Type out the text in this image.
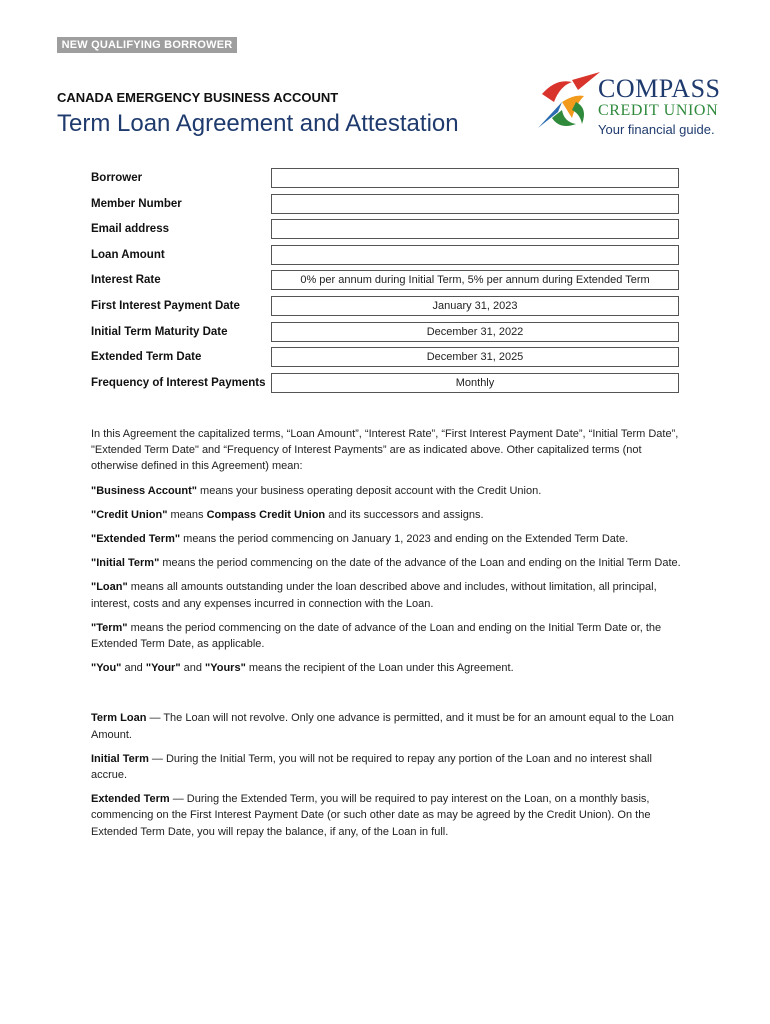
NEW QUALIFYING BORROWER
CANADA EMERGENCY BUSINESS ACCOUNT
Term Loan Agreement and Attestation
COMPASS
CREDIT UNION
Your financial guide.
Borrower
Member Number
Email address
Loan Amount
Interest Rate	0% per annum during Initial Term, 5% per annum during Extended Term
First Interest Payment Date	January 31, 2023
Initial Term Maturity Date	December 31, 2022
Extended Term Date	December 31, 2025
Frequency of Interest Payments	Monthly

In this Agreement the capitalized terms, “Loan Amount”, “Interest Rate”, “First Interest Payment Date”, “Initial Term Date”, "Extended Term Date" and “Frequency of Interest Payments” are as indicated above. Other capitalized terms (not otherwise defined in this Agreement) mean:

"Business Account" means your business operating deposit account with the Credit Union.

"Credit Union" means Compass Credit Union and its successors and assigns.

"Extended Term" means the period commencing on January 1, 2023 and ending on the Extended Term Date.

"Initial Term" means the period commencing on the date of the advance of the Loan and ending on the Initial Term Date.

"Loan" means all amounts outstanding under the loan described above and includes, without limitation, all principal, interest, costs and any expenses incurred in connection with the Loan.

"Term" means the period commencing on the date of advance of the Loan and ending on the Initial Term Date or, the Extended Term Date, as applicable.

"You" and "Your" and "Yours" means the recipient of the Loan under this Agreement.

Term Loan — The Loan will not revolve. Only one advance is permitted, and it must be for an amount equal to the Loan Amount.

Initial Term — During the Initial Term, you will not be required to repay any portion of the Loan and no interest shall accrue.

Extended Term — During the Extended Term, you will be required to pay interest on the Loan, on a monthly basis, commencing on the First Interest Payment Date (or such other date as may be agreed by the Credit Union). On the Extended Term Date, you will repay the balance, if any, of the Loan in full.
